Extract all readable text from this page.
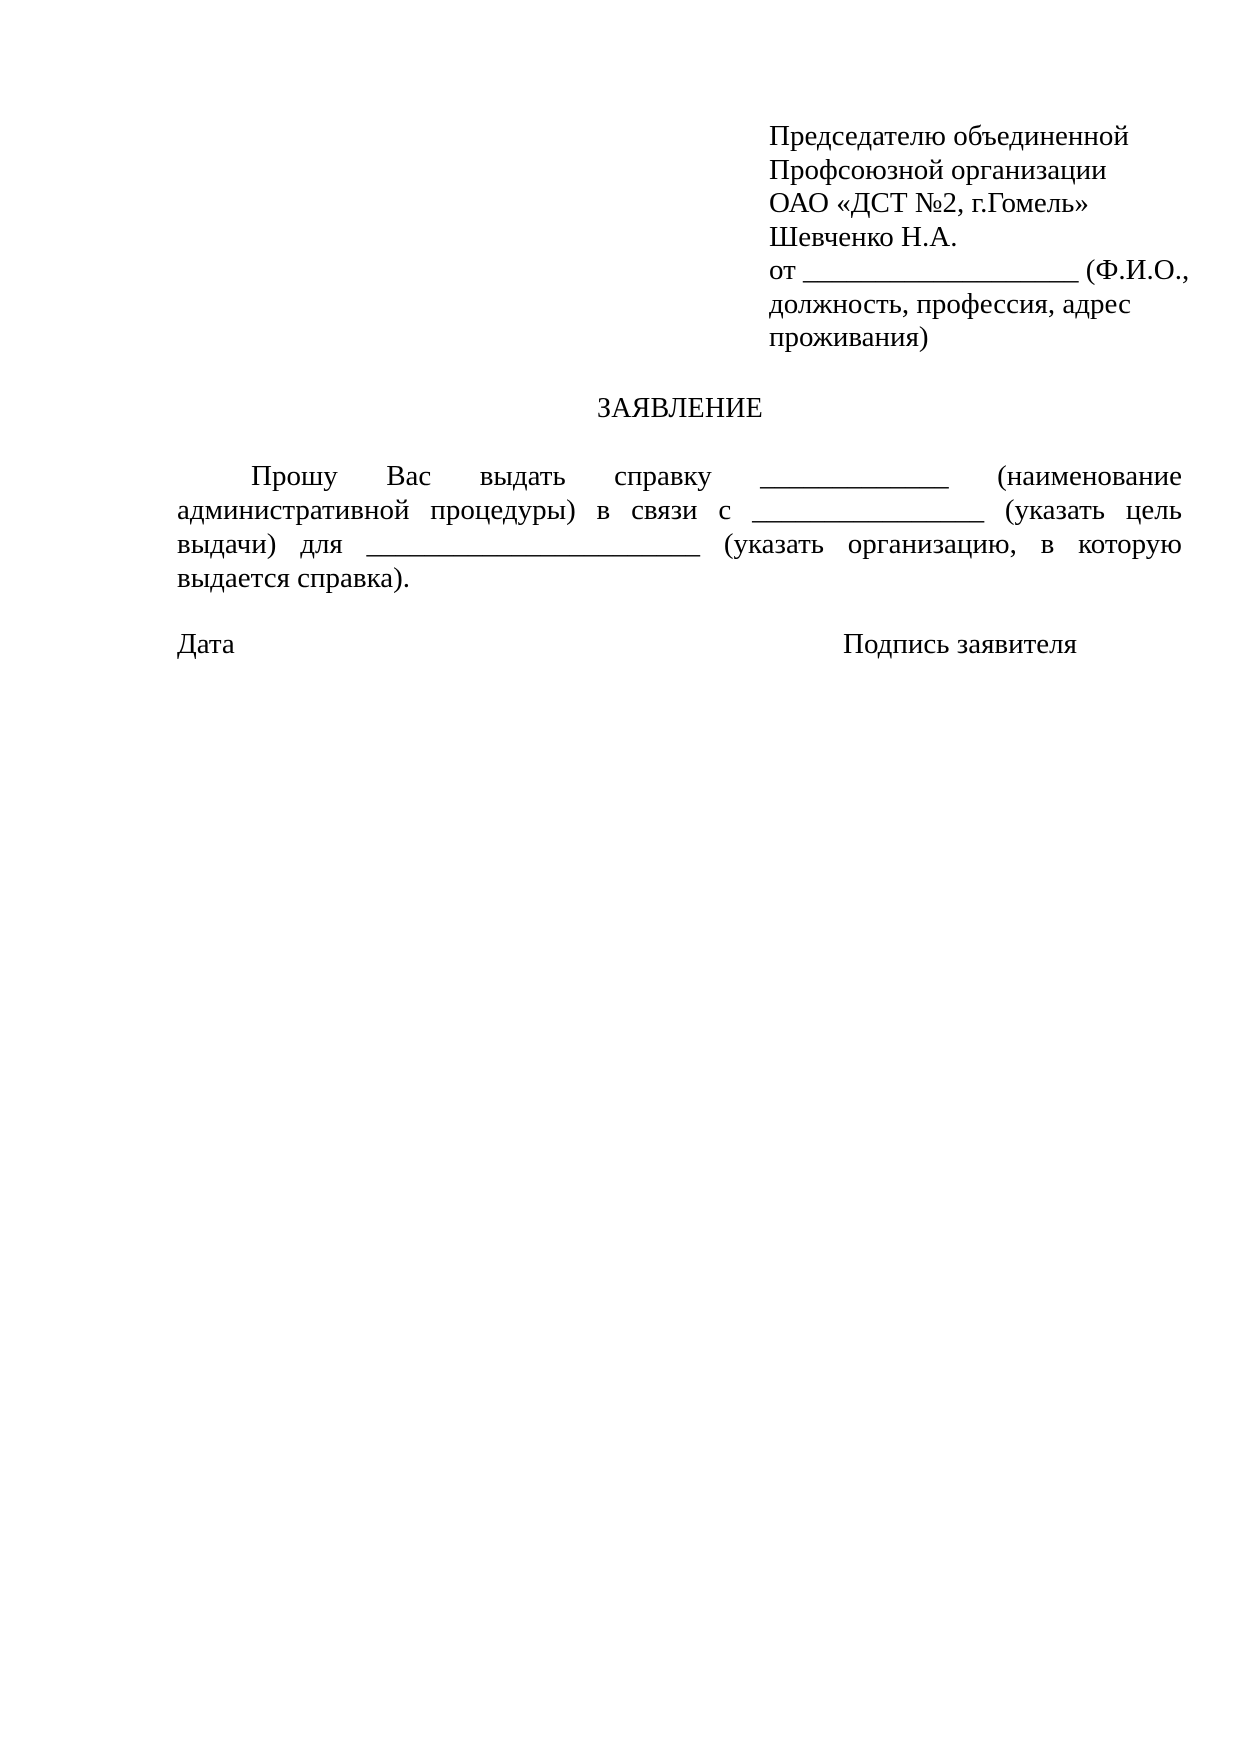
Председателю объединенной
Профсоюзной организации
ОАО «ДСТ №2, г.Гомель»
Шевченко Н.А.
от ___________________ (Ф.И.О.,
должность, профессия, адрес
проживания)
ЗАЯВЛЕНИЕ
Прошу Вас выдать справку _____________ (наименование
административной процедуры) в связи с ________________ (указать цель
выдачи) для _______________________ (указать организацию, в которую
выдается справка).
Дата	Подпись заявителя
